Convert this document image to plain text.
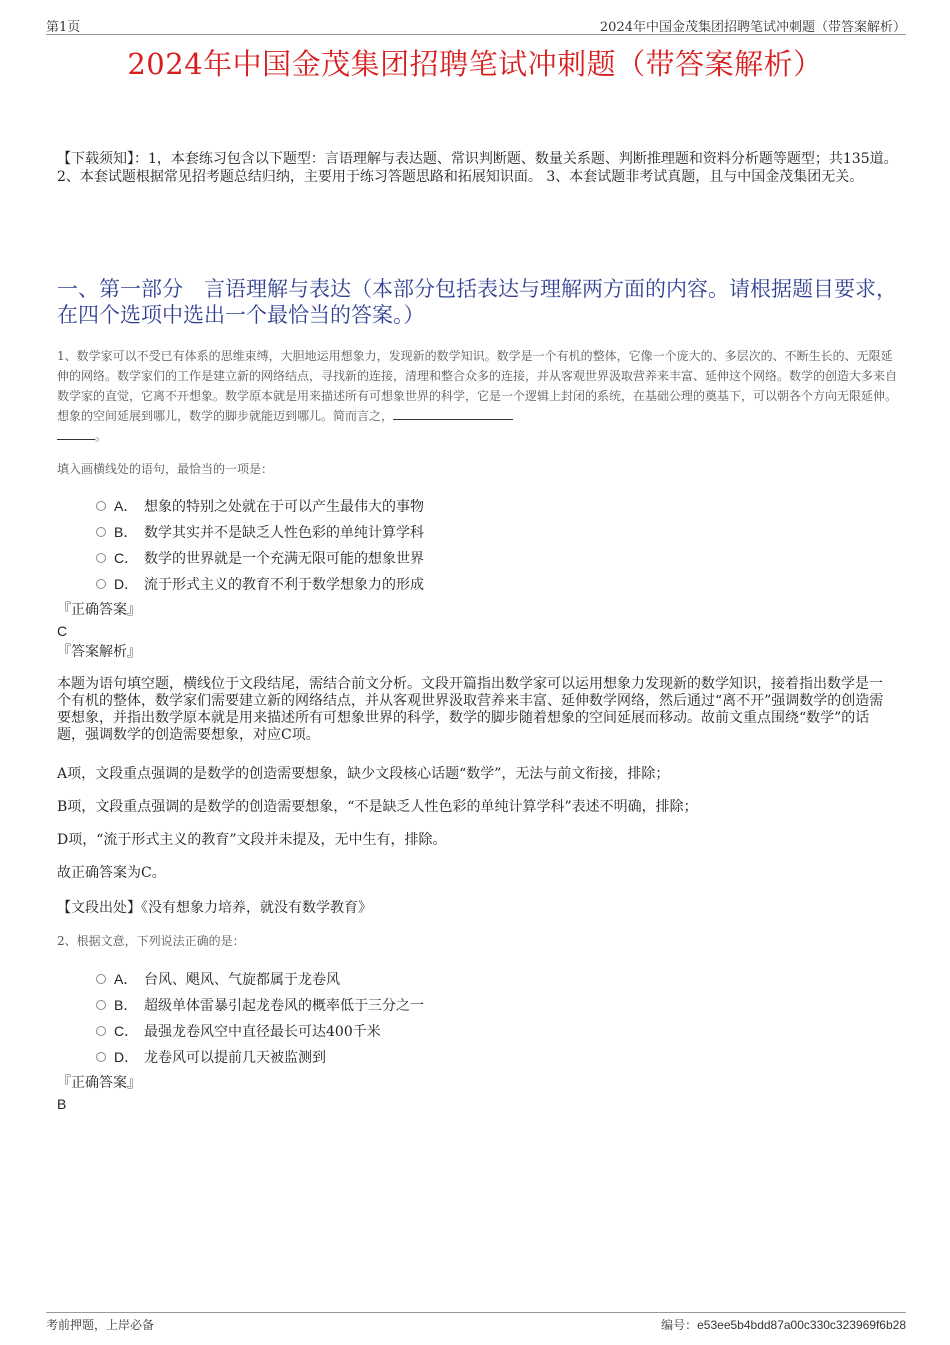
第1页	2024年中国金茂集团招聘笔试冲刺题（带答案解析）
2024年中国金茂集团招聘笔试冲刺题（带答案解析）
【下载须知】：1，本套练习包含以下题型：言语理解与表达题、常识判断题、数量关系题、判断推理题和资料分析题等题型；共135道。 2、本套试题根据常见招考题总结归纳，主要用于练习答题思路和拓展知识面。 3、本套试题非考试真题，且与中国金茂集团无关。
一、第一部分　言语理解与表达（本部分包括表达与理解两方面的内容。请根据题目要求，在四个选项中选出一个最恰当的答案。）
1、数学家可以不受已有体系的思维束缚，大胆地运用想象力，发现新的数学知识。数学是一个有机的整体，它像一个庞大的、多层次的、不断生长的、无限延伸的网络。数学家们的工作是建立新的网络结点，寻找新的连接，清理和整合众多的连接，并从客观世界汲取营养来丰富、延伸这个网络。数学的创造大多来自数学家的直觉，它离不开想象。数学原本就是用来描述所有可想象世界的科学，它是一个逻辑上封闭的系统，在基础公理的奠基下，可以朝各个方向无限延伸。想象的空间延展到哪儿，数学的脚步就能迈到哪儿。简而言之，
。
填入画横线处的语句，最恰当的一项是：
A． 想象的特别之处就在于可以产生最伟大的事物
B． 数学其实并不是缺乏人性色彩的单纯计算学科
C． 数学的世界就是一个充满无限可能的想象世界
D． 流于形式主义的教育不利于数学想象力的形成
『正确答案』
C
『答案解析』
本题为语句填空题，横线位于文段结尾，需结合前文分析。文段开篇指出数学家可以运用想象力发现新的数学知识，接着指出数学是一个有机的整体，数学家们需要建立新的网络结点，并从客观世界汲取营养来丰富、延伸数学网络，然后通过“离不开”强调数学的创造需要想象，并指出数学原本就是用来描述所有可想象世界的科学，数学的脚步随着想象的空间延展而移动。故前文重点围绕“数学”的话题，强调数学的创造需要想象，对应C项。
A项，文段重点强调的是数学的创造需要想象，缺少文段核心话题“数学”，无法与前文衔接，排除；
B项，文段重点强调的是数学的创造需要想象，“不是缺乏人性色彩的单纯计算学科”表述不明确，排除；
D项，“流于形式主义的教育”文段并未提及，无中生有，排除。
故正确答案为C。
【文段出处】《没有想象力培养，就没有数学教育》
2、根据文意，下列说法正确的是：
A． 台风、飓风、气旋都属于龙卷风
B． 超级单体雷暴引起龙卷风的概率低于三分之一
C． 最强龙卷风空中直径最长可达400千米
D． 龙卷风可以提前几天被监测到
『正确答案』
B
考前押题，上岸必备	编号：e53ee5b4bdd87a00c330c323969f6b28
